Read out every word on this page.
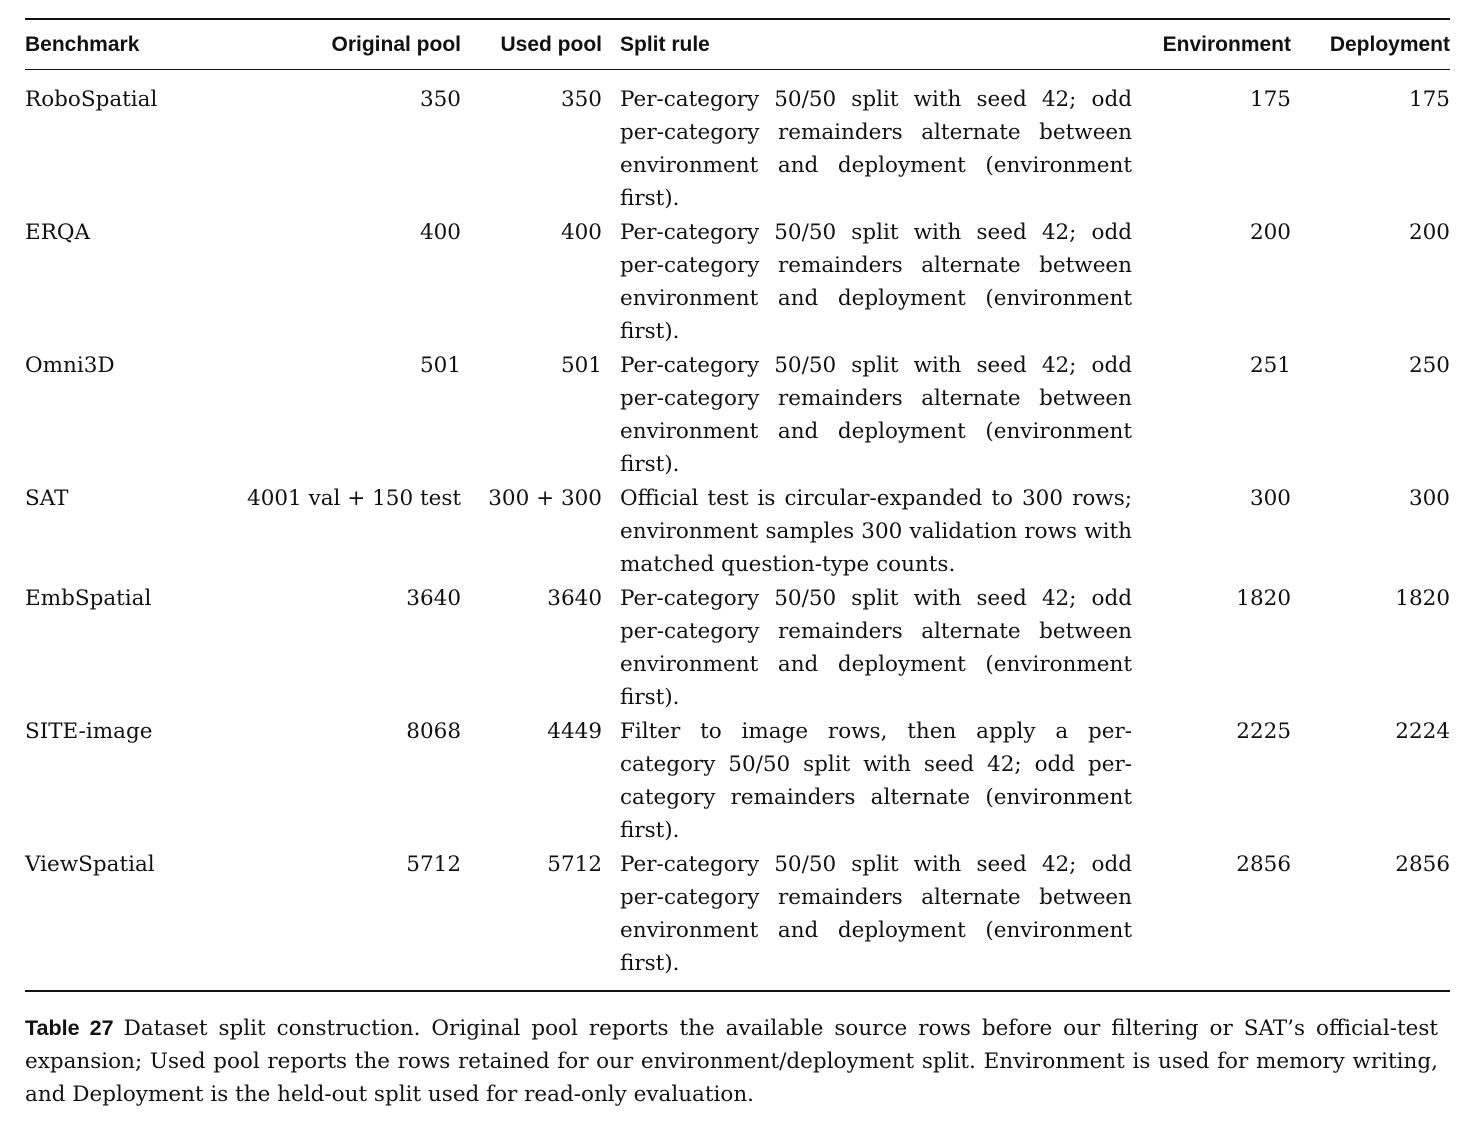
Benchmark	Original pool	Used pool	Split rule	Environment	Deployment
RoboSpatial	350	350	Per-category 50/50 split with seed 42; odd per-category remainders alternate between environment and deployment (environment first).	175	175
ERQA	400	400	Per-category 50/50 split with seed 42; odd per-category remainders alternate between environment and deployment (environment first).	200	200
Omni3D	501	501	Per-category 50/50 split with seed 42; odd per-category remainders alternate between environment and deployment (environment first).	251	250
SAT	4001 val + 150 test	300 + 300	Official test is circular-expanded to 300 rows; environment samples 300 validation rows with matched question-type counts.	300	300
EmbSpatial	3640	3640	Per-category 50/50 split with seed 42; odd per-category remainders alternate between environment and deployment (environment first).	1820	1820
SITE-image	8068	4449	Filter to image rows, then apply a per-category 50/50 split with seed 42; odd per-category remainders alternate (environment first).	2225	2224
ViewSpatial	5712	5712	Per-category 50/50 split with seed 42; odd per-category remainders alternate between environment and deployment (environment first).	2856	2856
Table 27 Dataset split construction. Original pool reports the available source rows before our filtering or SAT’s official-test expansion; Used pool reports the rows retained for our environment/deployment split. Environment is used for memory writing, and Deployment is the held-out split used for read-only evaluation.
